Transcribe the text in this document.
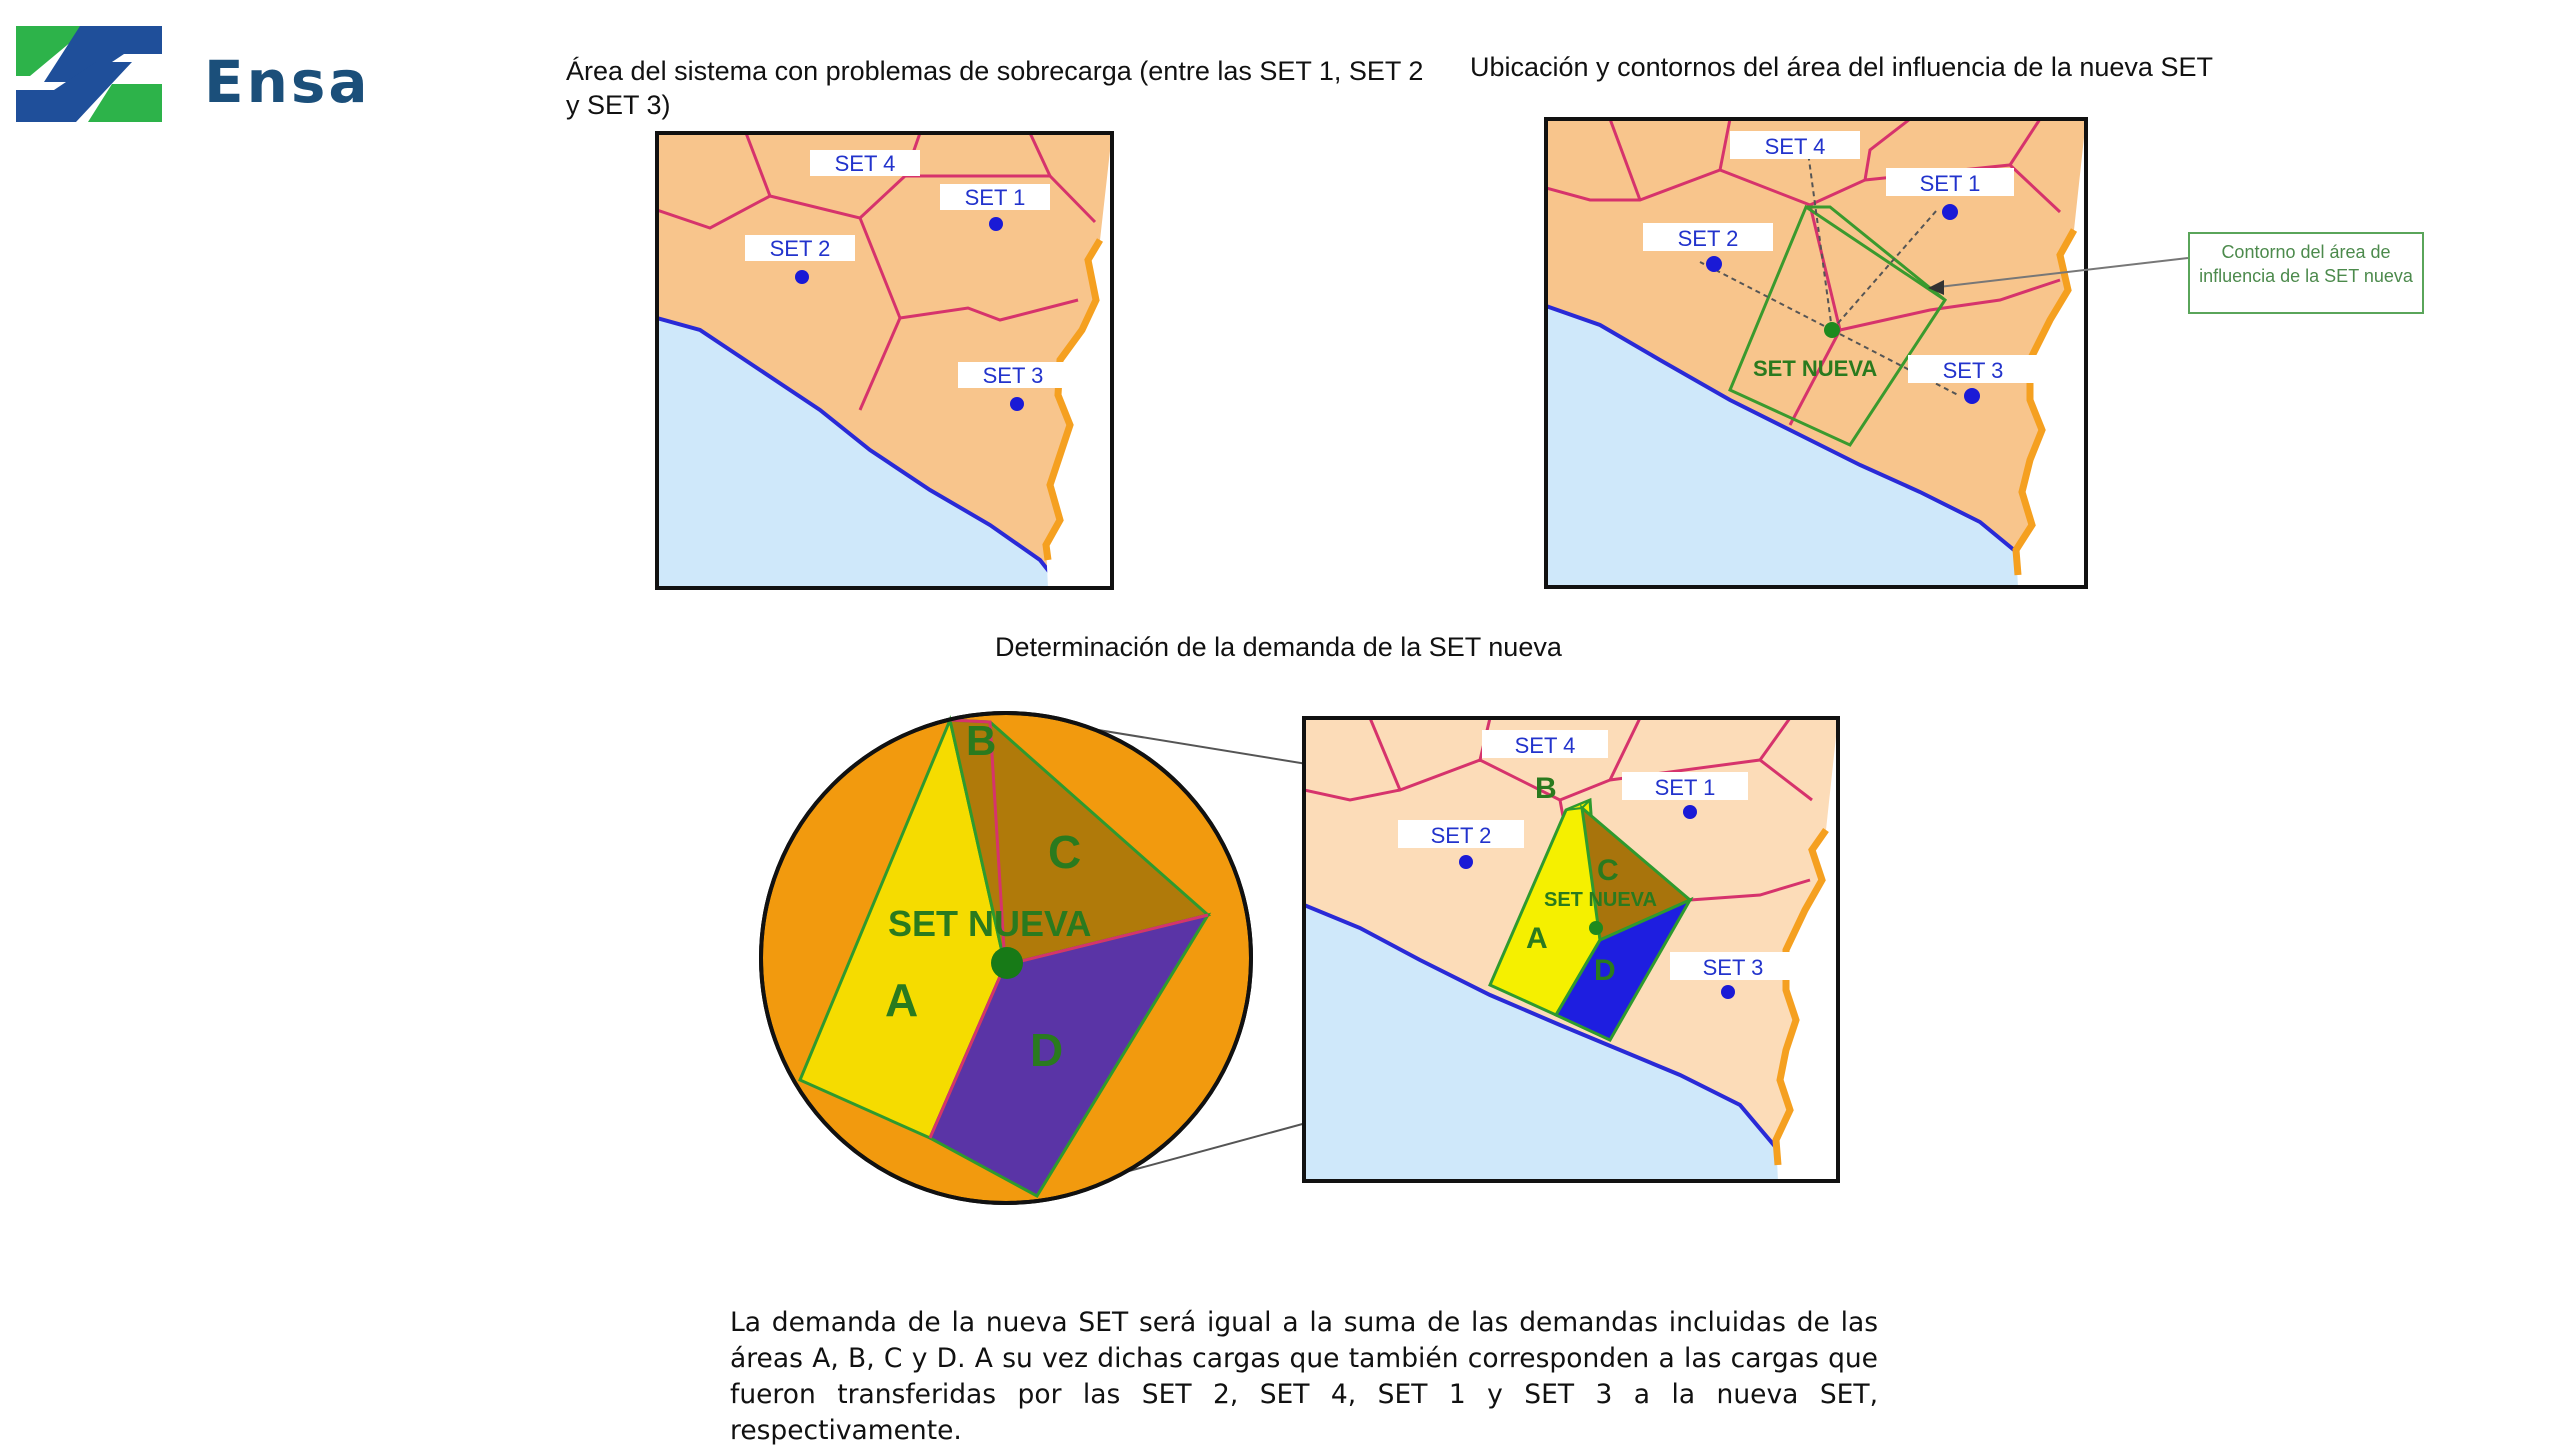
Ensa	Área del sistema con problemas de sobrecarga (entre las SET 1, SET 2 y SET 3)
Ubicación y contornos del área del influencia de la nueva SET
Determinación de la demanda de la SET nueva
SET 4
SET 1
SET 2
SET 3
SET 4
SET 1
SET 2
SET 3
SET NUEVA
B
C
A
D
SET NUEVA
SET 4
SET 1
SET 2
SET 3
SET NUEVA
B
C
A
D
Contorno del área de influencia de la SET nueva
La demanda de la nueva SET será igual a la suma de las demandas incluidas de las áreas A, B, C y D. A su vez dichas cargas que también corresponden a las cargas que fueron transferidas por las SET 2, SET 4, SET 1 y SET 3 a la nueva SET, respectivamente.
